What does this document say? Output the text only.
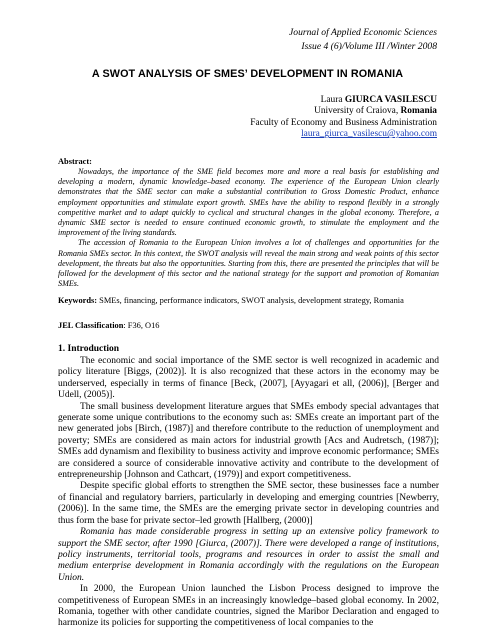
Journal of Applied Economic Sciences
Issue 4 (6)/Volume III /Winter 2008
A SWOT ANALYSIS OF SMES’ DEVELOPMENT IN ROMANIA
Laura GIURCA VASILESCU
University of Craiova, Romania
Faculty of Economy and Business Administration
laura_giurca_vasilescu@yahoo.com
Abstract:

Nowadays, the importance of the SME field becomes more and more a real basis for establishing and developing a modern, dynamic knowledge–based economy. The experience of the European Union clearly demonstrates that the SME sector can make a substantial contribution to Gross Domestic Product, enhance employment opportunities and stimulate export growth. SMEs have the ability to respond flexibly in a strongly competitive market and to adapt quickly to cyclical and structural changes in the global economy. Therefore, a dynamic SME sector is needed to ensure continued economic growth, to stimulate the employment and the improvement of the living standards.

The accession of Romania to the European Union involves a lot of challenges and opportunities for the Romania SMEs sector. In this context, the SWOT analysis will reveal the main strong and weak points of this sector development, the threats but also the opportunities. Starting from this, there are presented the principles that will be followed for the development of this sector and the national strategy for the support and promotion of Romanian SMEs.

Keywords: SMEs, financing, performance indicators, SWOT analysis, development strategy, Romania
JEL Classification: F36, O16
1. Introduction

The economic and social importance of the SME sector is well recognized in academic and policy literature [Biggs, (2002)]. It is also recognized that these actors in the economy may be underserved, especially in terms of finance [Beck, (2007], [Ayyagari et all, (2006)], [Berger and Udell, (2005)].

The small business development literature argues that SMEs embody special advantages that generate some unique contributions to the economy such as: SMEs create an important part of the new generated jobs [Birch, (1987)] and therefore contribute to the reduction of unemployment and poverty; SMEs are considered as main actors for industrial growth [Acs and Audretsch, (1987)]; SMEs add dynamism and flexibility to business activity and improve economic performance; SMEs are considered a source of considerable innovative activity and contribute to the development of entrepreneurship [Johnson and Cathcart, (1979)] and export competitiveness.

Despite specific global efforts to strengthen the SME sector, these businesses face a number of financial and regulatory barriers, particularly in developing and emerging countries [Newberry, (2006)]. In the same time, the SMEs are the emerging private sector in developing countries and thus form the base for private sector–led growth [Hallberg, (2000)]

Romania has made considerable progress in setting up an extensive policy framework to support the SME sector, after 1990 [Giurca, (2007)]. There were developed a range of institutions, policy instruments, territorial tools, programs and resources in order to assist the small and medium enterprise development in Romania accordingly with the regulations on the European Union.

In 2000, the European Union launched the Lisbon Process designed to improve the competitiveness of European SMEs in an increasingly knowledge–based global economy. In 2002, Romania, together with other candidate countries, signed the Maribor Declaration and engaged to harmonize its policies for supporting the competitiveness of local companies to the
